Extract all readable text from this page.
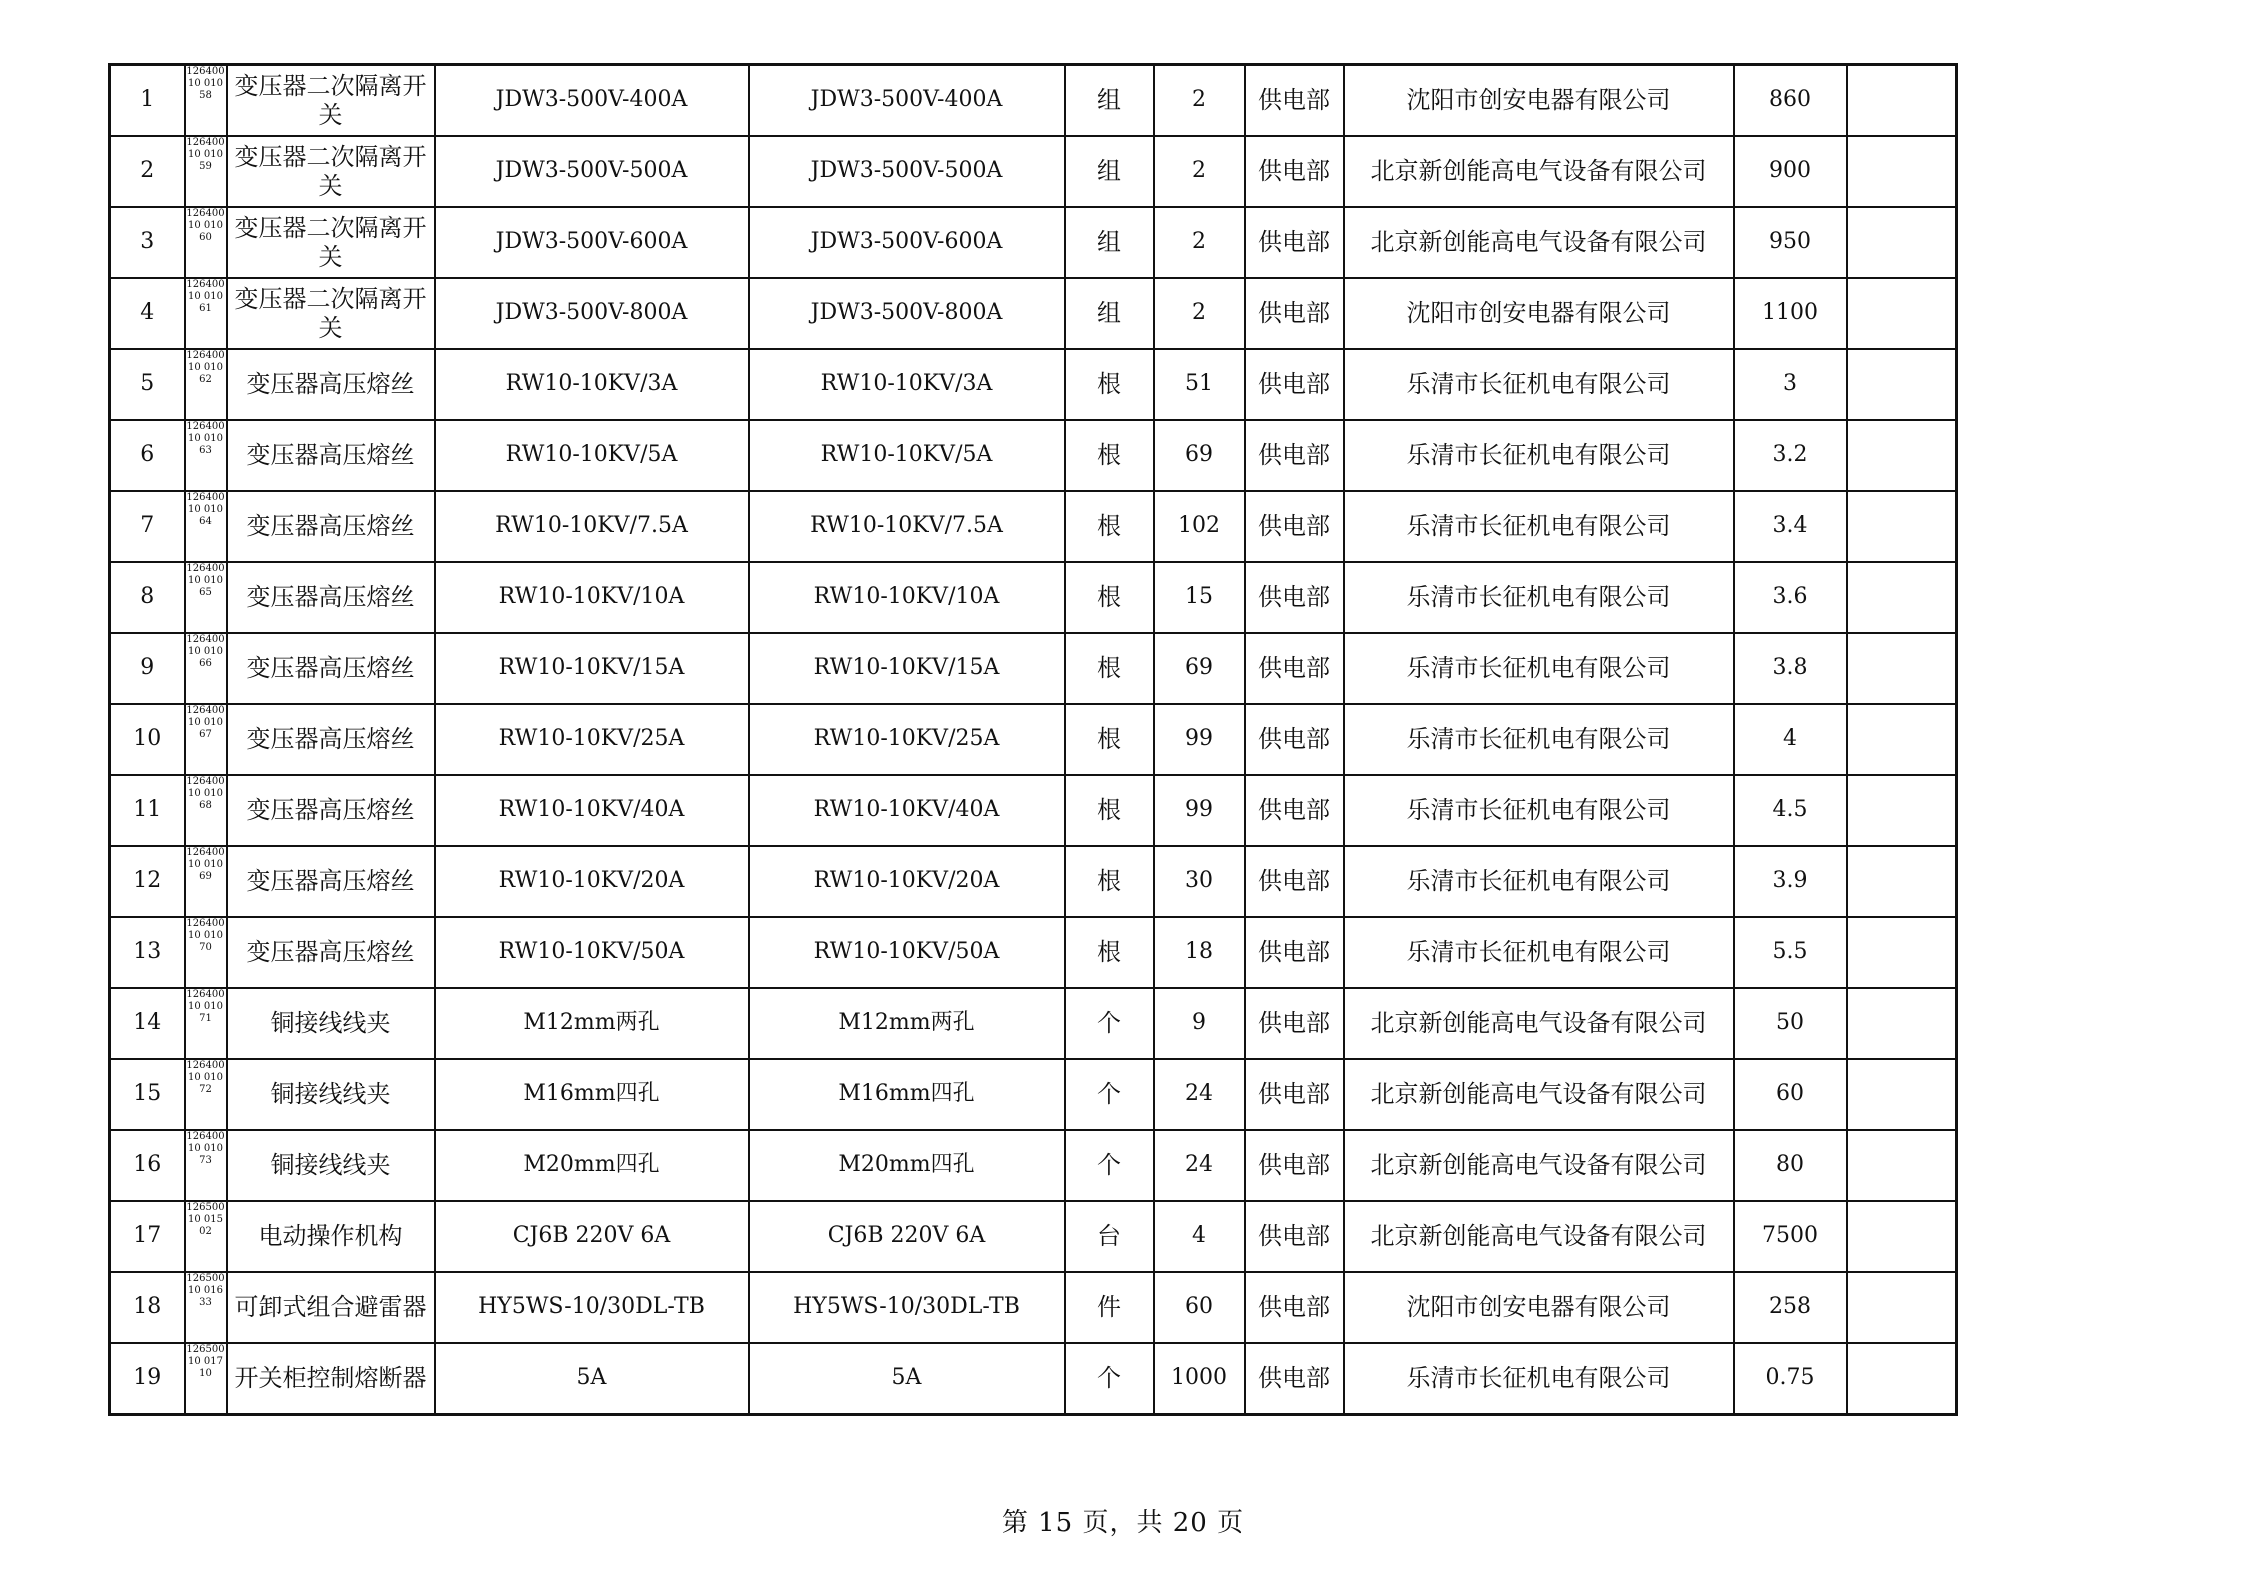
1	12640010 01058	变压器二次隔离开关	JDW3-500V-400A	JDW3-500V-400A	组	2	供电部	沈阳市创安电器有限公司	860	
2	12640010 01059	变压器二次隔离开关	JDW3-500V-500A	JDW3-500V-500A	组	2	供电部	北京新创能高电气设备有限公司	900	
3	12640010 01060	变压器二次隔离开关	JDW3-500V-600A	JDW3-500V-600A	组	2	供电部	北京新创能高电气设备有限公司	950	
4	12640010 01061	变压器二次隔离开关	JDW3-500V-800A	JDW3-500V-800A	组	2	供电部	沈阳市创安电器有限公司	1100	
5	12640010 01062	变压器高压熔丝	RW10-10KV/3A	RW10-10KV/3A	根	51	供电部	乐清市长征机电有限公司	3	
6	12640010 01063	变压器高压熔丝	RW10-10KV/5A	RW10-10KV/5A	根	69	供电部	乐清市长征机电有限公司	3.2	
7	12640010 01064	变压器高压熔丝	RW10-10KV/7.5A	RW10-10KV/7.5A	根	102	供电部	乐清市长征机电有限公司	3.4	
8	12640010 01065	变压器高压熔丝	RW10-10KV/10A	RW10-10KV/10A	根	15	供电部	乐清市长征机电有限公司	3.6	
9	12640010 01066	变压器高压熔丝	RW10-10KV/15A	RW10-10KV/15A	根	69	供电部	乐清市长征机电有限公司	3.8	
10	12640010 01067	变压器高压熔丝	RW10-10KV/25A	RW10-10KV/25A	根	99	供电部	乐清市长征机电有限公司	4	
11	12640010 01068	变压器高压熔丝	RW10-10KV/40A	RW10-10KV/40A	根	99	供电部	乐清市长征机电有限公司	4.5	
12	12640010 01069	变压器高压熔丝	RW10-10KV/20A	RW10-10KV/20A	根	30	供电部	乐清市长征机电有限公司	3.9	
13	12640010 01070	变压器高压熔丝	RW10-10KV/50A	RW10-10KV/50A	根	18	供电部	乐清市长征机电有限公司	5.5	
14	12640010 01071	铜接线线夹	M12mm两孔	M12mm两孔	个	9	供电部	北京新创能高电气设备有限公司	50	
15	12640010 01072	铜接线线夹	M16mm四孔	M16mm四孔	个	24	供电部	北京新创能高电气设备有限公司	60	
16	12640010 01073	铜接线线夹	M20mm四孔	M20mm四孔	个	24	供电部	北京新创能高电气设备有限公司	80	
17	12650010 01502	电动操作机构	CJ6B 220V 6A	CJ6B 220V 6A	台	4	供电部	北京新创能高电气设备有限公司	7500	
18	12650010 01633	可卸式组合避雷器	HY5WS-10/30DL-TB	HY5WS-10/30DL-TB	件	60	供电部	沈阳市创安电器有限公司	258	
19	12650010 01710	开关柜控制熔断器	5A	5A	个	1000	供电部	乐清市长征机电有限公司	0.75	
第 15 页，共 20 页
